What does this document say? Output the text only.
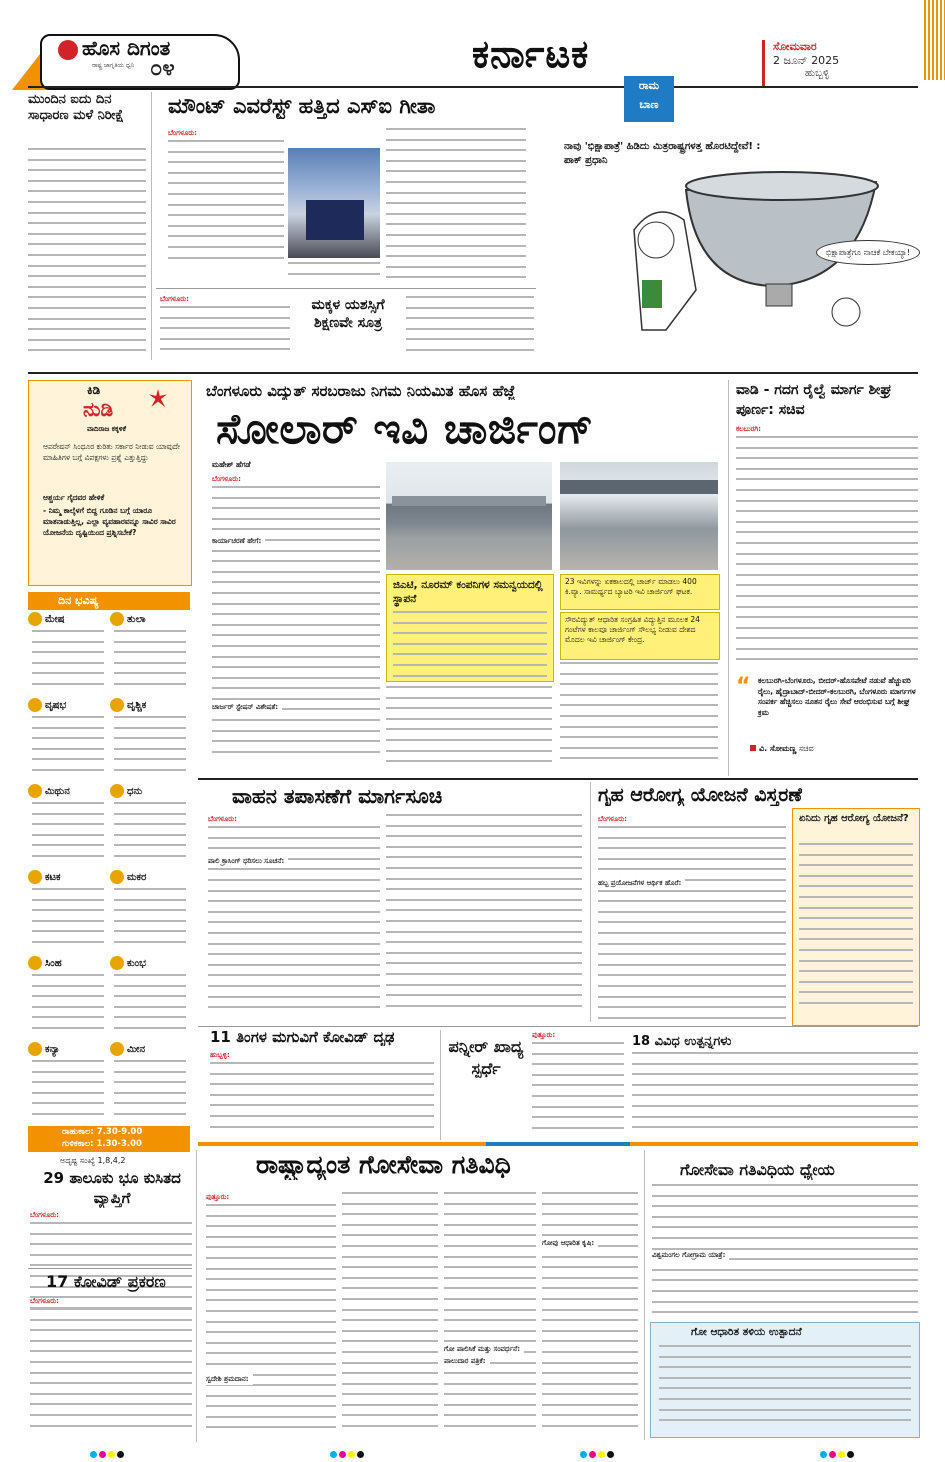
ಹೊಸ ದಿಗಂತ
ರಾಷ್ಟ್ರ ಜಾಗೃತಿಯ ಧ್ವನಿ ೦೪	ಕರ್ನಾಟಕ	ಸೋಮವಾರ
2 ಜೂನ್ 2025
ಹುಬ್ಬಳ್ಳಿ
ಮುಂದಿನ ಐದು ದಿನ ಸಾಧಾರಣ ಮಳೆ ನಿರೀಕ್ಷೆ	ಮೌಂಟ್ ಎವರೆಸ್ಟ್ ಹತ್ತಿದ ಎಸ್‌ಐ ಗೀತಾ
ಬೆಂಗಳೂರು:
ಬೆಂಗಳೂರು:	ಮಕ್ಕಳ ಯಶಸ್ಸಿಗೆ ಶಿಕ್ಷಣವೇ ಸೂತ್ರ
ರಾಮ
ಬಾಣ
ನಾವು 'ಭಿಕ್ಷಾಪಾತ್ರೆ' ಹಿಡಿದು ಮಿತ್ರರಾಷ್ಟ್ರಗಳತ್ತ ಹೊರಟಿದ್ದೇವೆ! : ಪಾಕ್ ಪ್ರಧಾನಿ
ಭಿಕ್ಷಾಪಾತ್ರೆಗೂ ನಾಚಿಕೆ ಬೇಕಯ್ಯಾ!
ಕಿಡಿ
ನುಡಿ
ವಾದಿರಾಜ ಕಕ್ಕಳಿಕೆ
ಆಪರೇಷನ್ ಸಿಂಧೂರ ಕುರಿತು ಸರ್ಕಾರ ನೀಡುವ ಯಾವುದೇ ಮಾಹಿತಿಗಳ ಬಗ್ಗೆ ವಿಪಕ್ಷಗಳು ಪ್ರಶ್ನೆ ಎತ್ತುತ್ತಿದ್ದು
ಆಶ್ಚರ್ಯ ಗೈದವರ ಹೇಳಿಕೆ
- ನಿಮ್ಮ ಕಾಲ್ಕೆಳಗೆ ಬಿದ್ದ ಗೂಡಿನ ಬಗ್ಗೆ ಯಾರೂ ಮಾತನಾಡುತ್ತಿಲ್ಲ, ಎಲ್ಲಾ ವ್ಯವಹಾರವನ್ನೂ ಸಾವಿರ ಸಾವಿರ ಯೋಜನೆಯ ದೃಷ್ಟಿಯಿಂದ ಪ್ರಶ್ನಿಸಬೇಕೆ?
ದಿನ ಭವಿಷ್ಯ
ಮೇಷ	ತುಲಾ
ವೃಷಭ	ವೃಶ್ಚಿಕ
ಮಿಥುನ	ಧನು
ಕಟಕ	ಮಕರ
ಸಿಂಹ	ಕುಂಭ
ಕನ್ಯಾ	ಮೀನ
ರಾಹುಕಾಲ: 7.30-9.00
ಗುಳಿಕಕಾಲ: 1.30-3.00
ಅದೃಷ್ಟ ಸಂಖ್ಯೆ 1,8,4,2
ಬೆಂಗಳೂರು ವಿದ್ಯುತ್ ಸರಬರಾಜು ನಿಗಮ ನಿಯಮಿತ ಹೊಸ ಹೆಜ್ಜೆ
ಸೋಲಾರ್ ಇವಿ ಚಾರ್ಜಿಂಗ್
ಮಹೇಶ್ ಹೆಗಡೆ
ಬೆಂಗಳೂರು:
ಕಾರ್ಯಾಚರಣೆ ಹೇಗೆ:
ಚಾರ್ಜರ್ ಸ್ಟೇಷನ್ ವಿಶೇಷತೆ:
ಜಿಎಟಿ, ನೂರಮ್ ಕಂಪನಿಗಳ ಸಮನ್ವಯದಲ್ಲಿ ಸ್ಥಾಪನೆ
23 ಇವಿಗಳನ್ನು ಏಕಕಾಲದಲ್ಲಿ ಚಾರ್ಜ್ ಮಾಡಲು 400 ಕಿ.ವ್ಯಾ. ಸಾಮರ್ಥ್ಯದ ಬ್ಯಾಟರಿ ಇವಿ ಚಾರ್ಜಿಂಗ್ ಘಟಕ.
ಸೌರವಿದ್ಯುತ್ ಆಧಾರಿತ ಸಂಗ್ರಹಿತ ವಿದ್ಯುತ್ತಿನ ಮೂಲಕ 24 ಗಂಟೆಗಳ ಕಾಲವೂ ಚಾರ್ಜಿಂಗ್ ಸೌಲಭ್ಯ ನೀಡುವ ದೇಶದ ಮೊದಲ ಇವಿ ಚಾರ್ಜಿಂಗ್ ಕೇಂದ್ರ.
ವಾಡಿ - ಗದಗ ರೈಲ್ವೆ ಮಾರ್ಗ ಶೀಘ್ರ ಪೂರ್ಣ: ಸಚಿವ
ಕಲಬುರಗಿ:
“ ಕಲಬುರಗಿ-ಬೆಂಗಳೂರು, ಬೀದರ್-ಹೊಸಪೇಟೆ ನಡುವೆ ಹೆಚ್ಚುವರಿ ರೈಲು, ಹೈದ್ರಾಬಾದ್-ಬೀದರ್-ಕಲಬುರಗಿ, ಬೆಂಗಳೂರು ಮಾರ್ಗಗಳ ಸಂಪರ್ಕ ಹೆಚ್ಚಿಸಲು ನೂತನ ರೈಲು ಸೇವೆ ಆರಂಭಿಸುವ ಬಗ್ಗೆ ಶೀಘ್ರ ಕ್ರಮ
ವಿ. ಸೋಮಣ್ಣ ಸಚಿವ
ವಾಹನ ತಪಾಸಣೆಗೆ ಮಾರ್ಗಸೂಚಿ
ಬೆಂಗಳೂರು:
ಪಾಲಿ ಕ್ರಾಸಿಂಗ್ ಧರಿಸಲು ಸೂಚನೆ:
ಗೃಹ ಆರೋಗ್ಯ ಯೋಜನೆ ವಿಸ್ತರಣೆ
ಬೆಂಗಳೂರು:
ಹಬ್ಬ ಪ್ರಯೋಜನೆಗಳ ಆರ್ಥಿಕ ಹೊರೆ:
ಏನಿದು ಗೃಹ ಆರೋಗ್ಯ ಯೋಜನೆ?
11 ತಿಂಗಳ ಮಗುವಿಗೆ ಕೋವಿಡ್ ದೃಢ
ಹುಬ್ಬಳ್ಳಿ:	ಪನ್ನೀರ್ ಖಾದ್ಯ ಸ್ಪರ್ಧೆ
ಪುತ್ತೂರು:	18 ವಿವಿಧ ಉತ್ಪನ್ನಗಳು
29 ತಾಲೂಕು ಭೂ ಕುಸಿತದ ವ್ಯಾಪ್ತಿಗೆ
ಬೆಂಗಳೂರು:
17 ಕೋವಿಡ್ ಪ್ರಕರಣ
ಬೆಂಗಳೂರು:
ರಾಷ್ಟ್ರಾದ್ಯಂತ ಗೋಸೇವಾ ಗತಿವಿಧಿ
ಪುತ್ತೂರು:
ಸ್ವದೇಶಿ ಶ್ರಮದಾನ:
ಗೋ ಪಾಲಿಸಿಕೆ ಮತ್ತು ಸಂವರ್ಧನೆ:
ಪಾಲುದಾರ ಪತ್ರಿಕೆ:
ಗೋವು ಆಧಾರಿತ ಕೃಷಿ:
ಗೋಸೇವಾ ಗತಿವಿಧಿಯ ಧ್ಯೇಯ
ವಿಶ್ವಮಂಗಲ ಗೋಗ್ರಾಮ ಯಾತ್ರೆ:
ಗೋ ಆಧಾರಿತ ತಳಿಯ ಉತ್ಪಾದನೆ
